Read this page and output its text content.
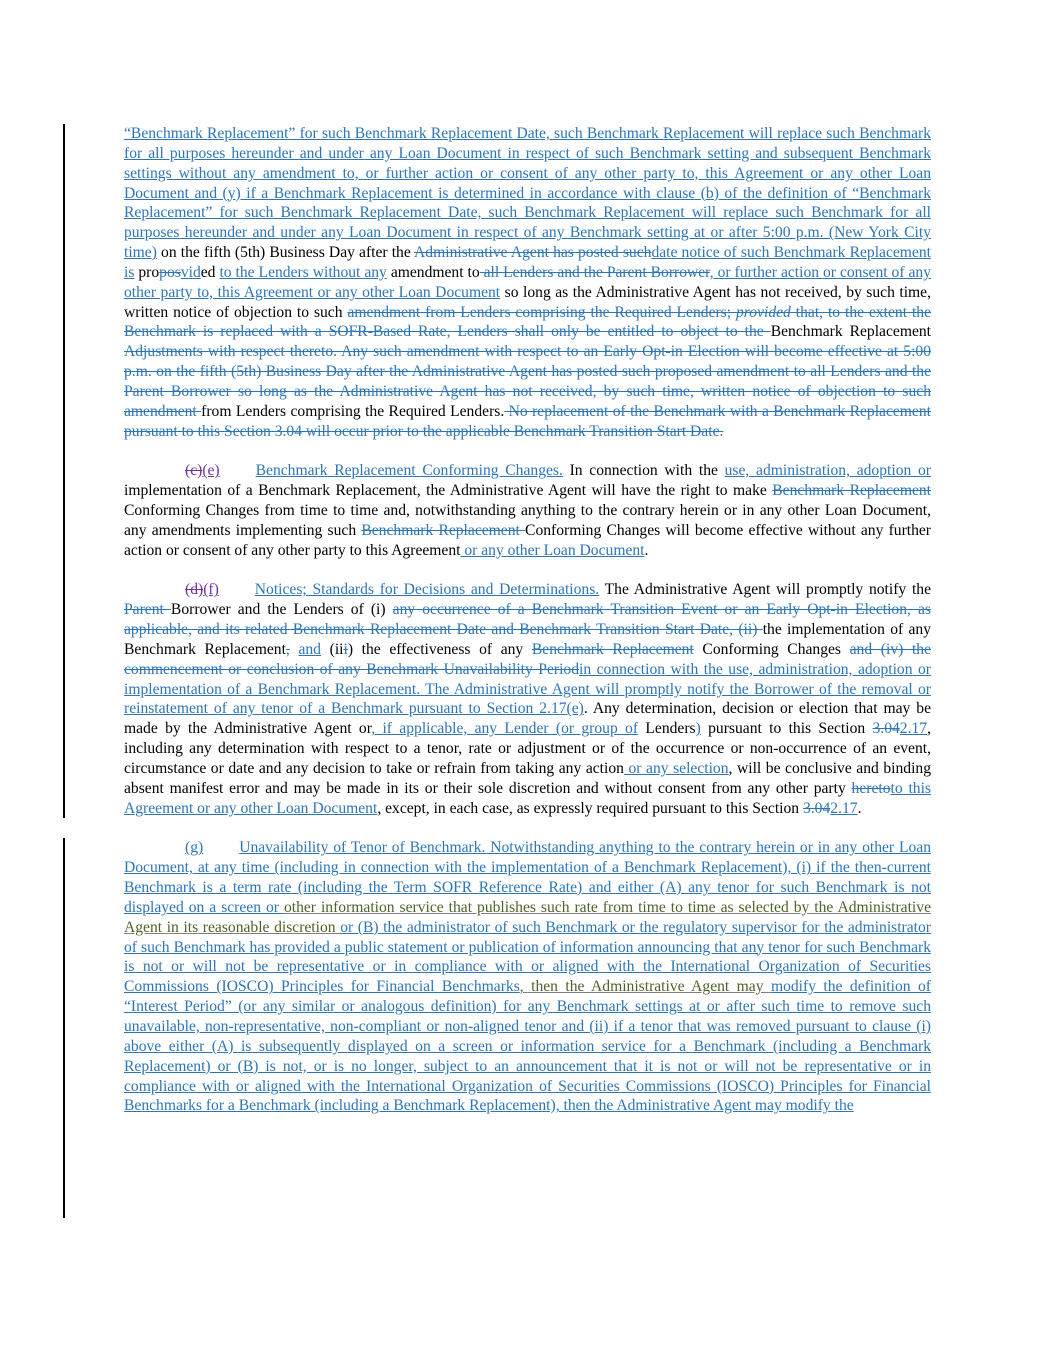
“Benchmark Replacement” for such Benchmark Replacement Date, such Benchmark Replacement will replace such Benchmark for all purposes hereunder and under any Loan Document in respect of such Benchmark setting and subsequent Benchmark settings without any amendment to, or further action or consent of any other party to, this Agreement or any other Loan Document and (y) if a Benchmark Replacement is determined in accordance with clause (b) of the definition of “Benchmark Replacement” for such Benchmark Replacement Date, such Benchmark Replacement will replace such Benchmark for all purposes hereunder and under any Loan Document in respect of any Benchmark setting at or after 5:00 p.m. (New York City time) on the fifth (5th) Business Day after the Administrative Agent has posted suchdate notice of such Benchmark Replacement is proposvided to the Lenders without any amendment to all Lenders and the Parent Borrower, or further action or consent of any other party to, this Agreement or any other Loan Document so long as the Administrative Agent has not received, by such time, written notice of objection to such amendment from Lenders comprising the Required Lenders; provided that, to the extent the Benchmark is replaced with a SOFR-Based Rate, Lenders shall only be entitled to object to the Benchmark Replacement Adjustments with respect thereto. Any such amendment with respect to an Early Opt-in Election will become effective at 5:00 p.m. on the fifth (5th) Business Day after the Administrative Agent has posted such proposed amendment to all Lenders and the Parent Borrower so long as the Administrative Agent has not received, by such time, written notice of objection to such amendment from Lenders comprising the Required Lenders. No replacement of the Benchmark with a Benchmark Replacement pursuant to this Section 3.04 will occur prior to the applicable Benchmark Transition Start Date.

(c)(e) Benchmark Replacement Conforming Changes. In connection with the use, administration, adoption or implementation of a Benchmark Replacement, the Administrative Agent will have the right to make Benchmark Replacement Conforming Changes from time to time and, notwithstanding anything to the contrary herein or in any other Loan Document, any amendments implementing such Benchmark Replacement Conforming Changes will become effective without any further action or consent of any other party to this Agreement or any other Loan Document.

(d)(f) Notices; Standards for Decisions and Determinations. The Administrative Agent will promptly notify the Parent Borrower and the Lenders of (i) any occurrence of a Benchmark Transition Event or an Early Opt-in Election, as applicable, and its related Benchmark Replacement Date and Benchmark Transition Start Date, (ii) the implementation of any Benchmark Replacement, and (iii) the effectiveness of any Benchmark Replacement Conforming Changes and (iv) the commencement or conclusion of any Benchmark Unavailability Periodin connection with the use, administration, adoption or implementation of a Benchmark Replacement. The Administrative Agent will promptly notify the Borrower of the removal or reinstatement of any tenor of a Benchmark pursuant to Section 2.17(e). Any determination, decision or election that may be made by the Administrative Agent or, if applicable, any Lender (or group of Lenders) pursuant to this Section 3.042.17, including any determination with respect to a tenor, rate or adjustment or of the occurrence or non-occurrence of an event, circumstance or date and any decision to take or refrain from taking any action or any selection, will be conclusive and binding absent manifest error and may be made in its or their sole discretion and without consent from any other party heretoto this Agreement or any other Loan Document, except, in each case, as expressly required pursuant to this Section 3.042.17.

(g) Unavailability of Tenor of Benchmark. Notwithstanding anything to the contrary herein or in any other Loan Document, at any time (including in connection with the implementation of a Benchmark Replacement), (i) if the then-current Benchmark is a term rate (including the Term SOFR Reference Rate) and either (A) any tenor for such Benchmark is not displayed on a screen or other information service that publishes such rate from time to time as selected by the Administrative Agent in its reasonable discretion or (B) the administrator of such Benchmark or the regulatory supervisor for the administrator of such Benchmark has provided a public statement or publication of information announcing that any tenor for such Benchmark is not or will not be representative or in compliance with or aligned with the International Organization of Securities Commissions (IOSCO) Principles for Financial Benchmarks, then the Administrative Agent may modify the definition of “Interest Period” (or any similar or analogous definition) for any Benchmark settings at or after such time to remove such unavailable, non-representative, non-compliant or non-aligned tenor and (ii) if a tenor that was removed pursuant to clause (i) above either (A) is subsequently displayed on a screen or information service for a Benchmark (including a Benchmark Replacement) or (B) is not, or is no longer, subject to an announcement that it is not or will not be representative or in compliance with or aligned with the International Organization of Securities Commissions (IOSCO) Principles for Financial Benchmarks for a Benchmark (including a Benchmark Replacement), then the Administrative Agent may modify the
